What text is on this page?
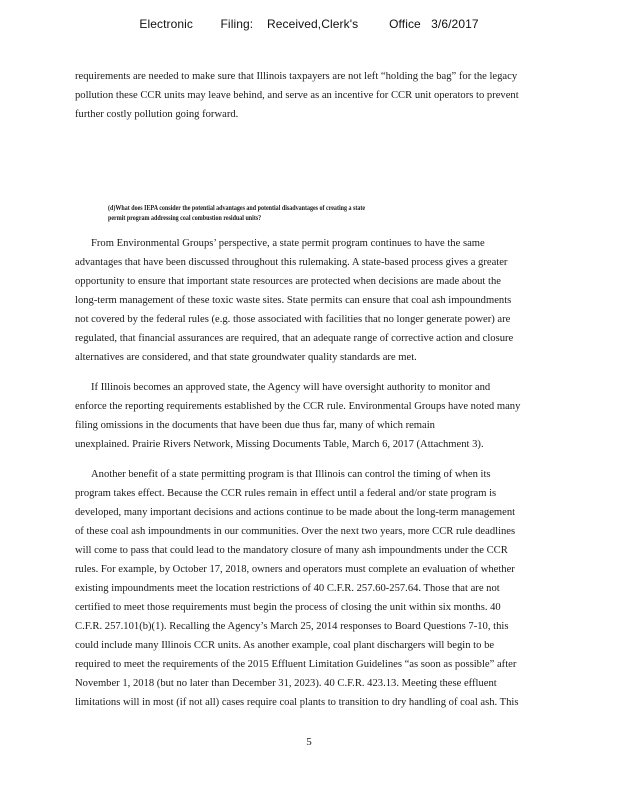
Electronic        Filing:    Received,Clerk's         Office   3/6/2017
requirements are needed to make sure that Illinois taxpayers are not left “holding the bag” for the legacy
pollution these CCR units may leave behind, and serve as an incentive for CCR unit operators to prevent
further costly pollution going forward.
(d)What does IEPA consider the potential advantages and potential disadvantages of creating a state
permit program addressing coal combustion residual units?
From Environmental Groups’ perspective, a state permit program continues to have the same
advantages that have been discussed throughout this rulemaking. A state-based process gives a greater
opportunity to ensure that important state resources are protected when decisions are made about the
long-term management of these toxic waste sites. State permits can ensure that coal ash impoundments
not covered by the federal rules (e.g. those associated with facilities that no longer generate power) are
regulated, that financial assurances are required, that an adequate range of corrective action and closure
alternatives are considered, and that state groundwater quality standards are met.
If Illinois becomes an approved state, the Agency will have oversight authority to monitor and
enforce the reporting requirements established by the CCR rule. Environmental Groups have noted many
filing omissions in the documents that have been due thus far, many of which remain
unexplained. Prairie Rivers Network, Missing Documents Table, March 6, 2017 (Attachment 3).
Another benefit of a state permitting program is that Illinois can control the timing of when its
program takes effect. Because the CCR rules remain in effect until a federal and/or state program is
developed, many important decisions and actions continue to be made about the long-term management
of these coal ash impoundments in our communities. Over the next two years, more CCR rule deadlines
will come to pass that could lead to the mandatory closure of many ash impoundments under the CCR
rules. For example, by October 17, 2018, owners and operators must complete an evaluation of whether
existing impoundments meet the location restrictions of 40 C.F.R. 257.60-257.64. Those that are not
certified to meet those requirements must begin the process of closing the unit within six months. 40
C.F.R. 257.101(b)(1). Recalling the Agency’s March 25, 2014 responses to Board Questions 7-10, this
could include many Illinois CCR units. As another example, coal plant dischargers will begin to be
required to meet the requirements of the 2015 Effluent Limitation Guidelines “as soon as possible” after
November 1, 2018 (but no later than December 31, 2023). 40 C.F.R. 423.13. Meeting these effluent
limitations will in most (if not all) cases require coal plants to transition to dry handling of coal ash. This
5
